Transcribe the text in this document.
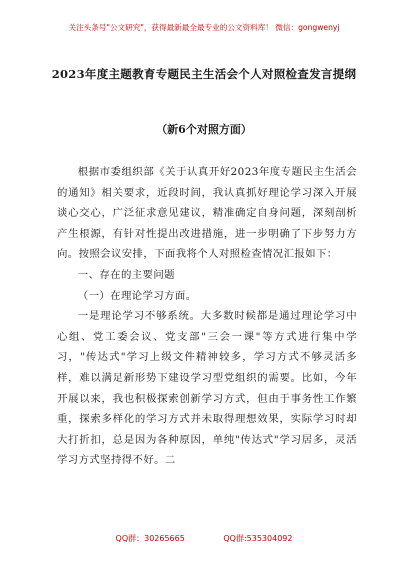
关注头条号"公文研究"，获得最新最全最专业的公文资料库！ 微信：gongwenyj
2023年度主题教育专题民主生活会个人对照检查发言提纲
（新6个对照方面）

根据市委组织部《关于认真开好2023年度专题民主生活会的通知》相关要求，近段时间，我认真抓好理论学习深入开展谈心交心，广泛征求意见建议，精准确定自身问题，深刻剖析产生根源，有针对性提出改进措施，进一步明确了下步努力方向。按照会议安排，下面我将个人对照检查情况汇报如下：

一、存在的主要问题

（一）在理论学习方面。

一是理论学习不够系统。大多数时候都是通过理论学习中心组、党工委会议、党支部"三会一课"等方式进行集中学习，"传达式"学习上级文件精神较多，学习方式不够灵活多样，难以满足新形势下建设学习型党组织的需要。比如，今年开展以来，我也积极探索创新学习方式，但由于事务性工作繁重，探索多样化的学习方式并未取得理想效果，实际学习时却大打折扣，总是因为各种原因，单纯"传达式"学习居多，灵活学习方式坚持得不好。二

QQ群：30265665	QQ群:535304092
